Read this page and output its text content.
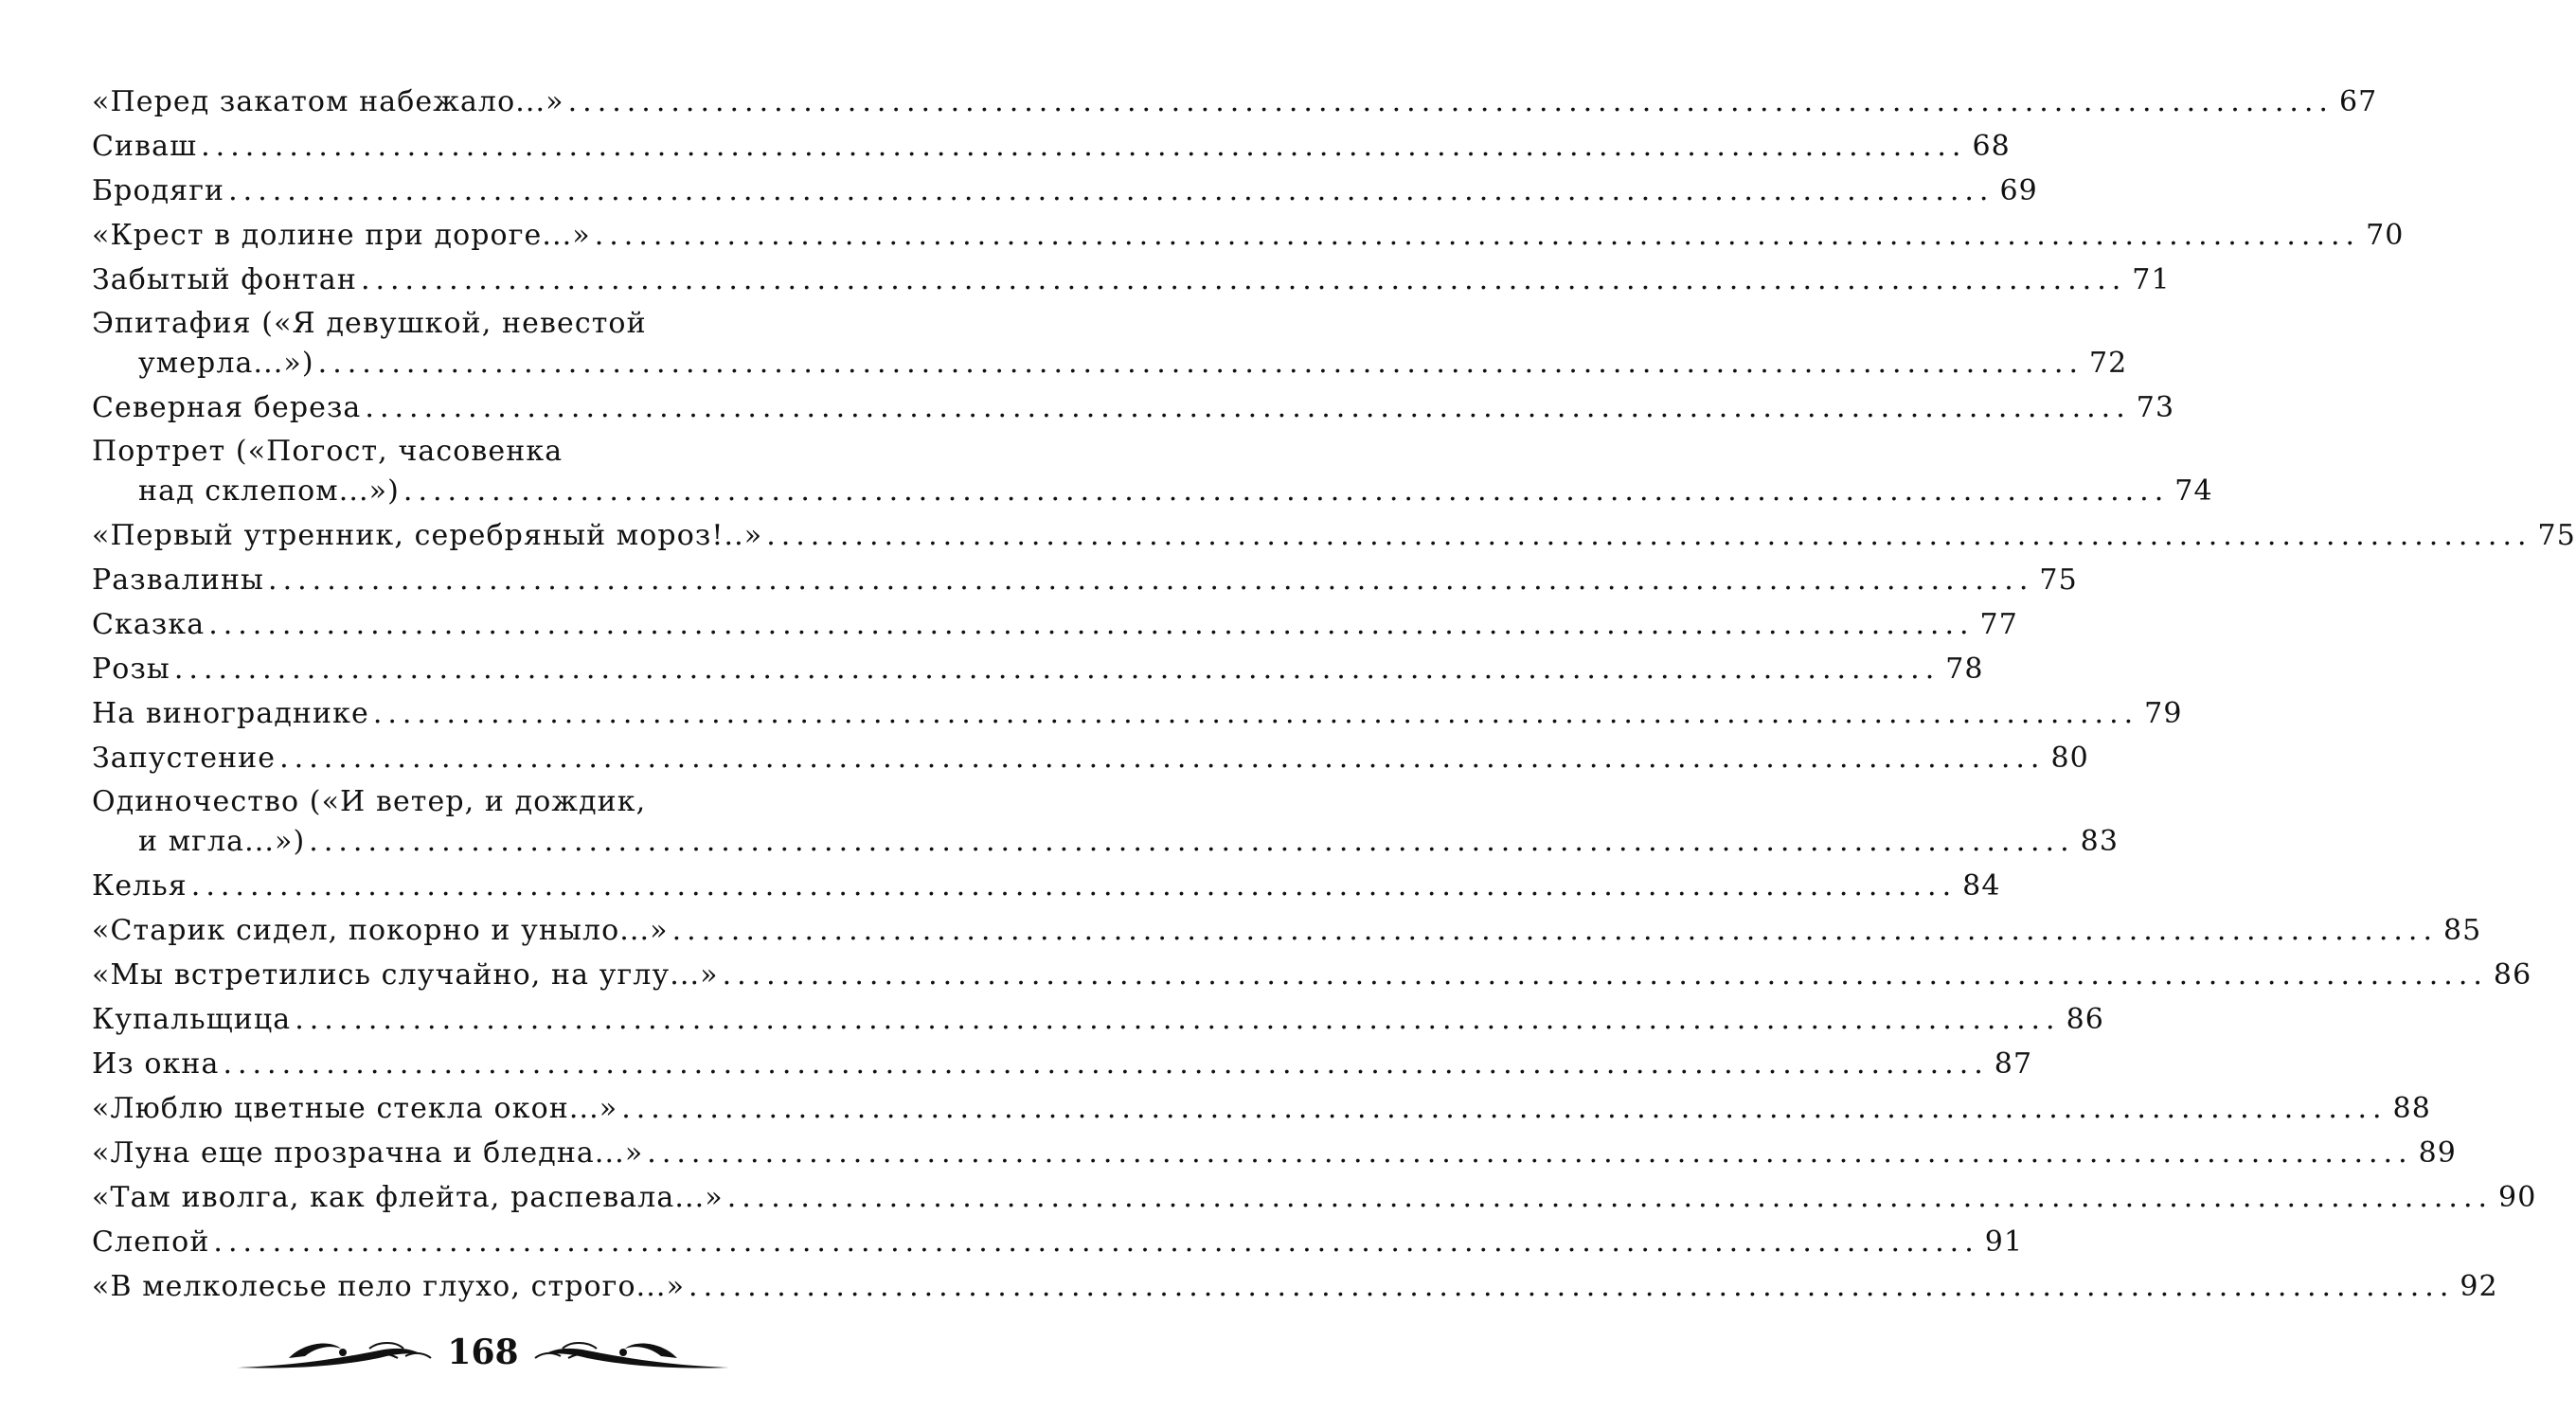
«Перед закатом набежало...» ........................................................................................................................ 67
Сиваш ........................................................................................................................ 68
Бродяги ........................................................................................................................ 69
«Крест в долине при дороге...» ........................................................................................................................ 70
Забытый фонтан ........................................................................................................................ 71
Эпитафия («Я девушкой, невестой
умерла...») ........................................................................................................................ 72
Северная береза ........................................................................................................................ 73
Портрет («Погост, часовенка
над склепом...») ........................................................................................................................ 74
«Первый утренник, серебряный мороз!..» ........................................................................................................................ 75
Развалины ........................................................................................................................ 75
Сказка ........................................................................................................................ 77
Розы ........................................................................................................................ 78
На винограднике ........................................................................................................................ 79
Запустение ........................................................................................................................ 80
Одиночество («И ветер, и дождик,
и мгла...») ........................................................................................................................ 83
Келья ........................................................................................................................ 84
«Старик сидел, покорно и уныло...» ........................................................................................................................ 85
«Мы встретились случайно, на углу...» ........................................................................................................................ 86
Купальщица ........................................................................................................................ 86
Из окна ........................................................................................................................ 87
«Люблю цветные стекла окон...» ........................................................................................................................ 88
«Луна еще прозрачна и бледна...» ........................................................................................................................ 89
«Там иволга, как флейта, распевала...» ........................................................................................................................ 90
Слепой ........................................................................................................................ 91
«В мелколесье пело глухо, строго...» ........................................................................................................................ 92
168
